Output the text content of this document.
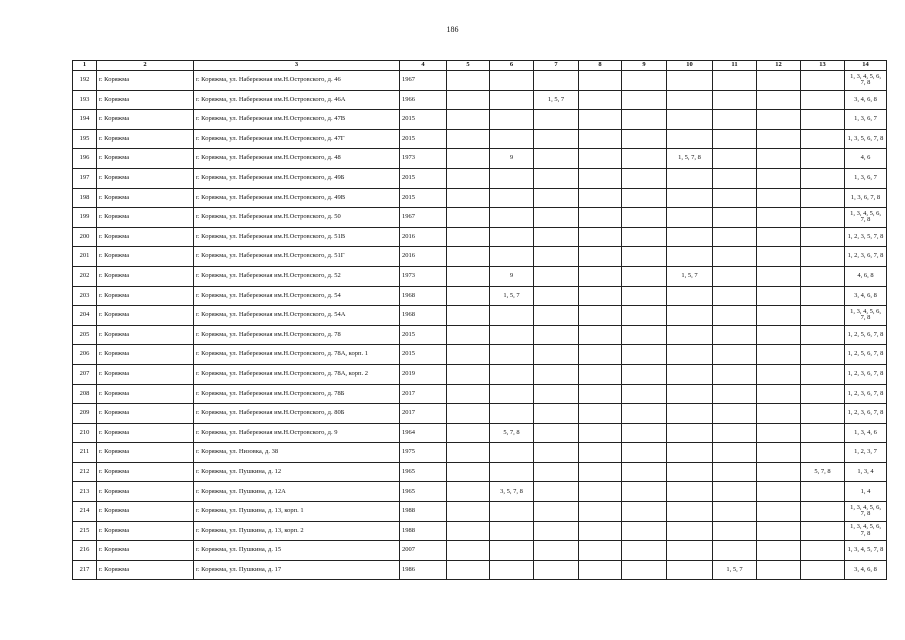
186
1	2	3	4	5	6	7	8	9	10	11	12	13	14
192	г. Коряжма	г. Коряжма, ул. Набережная им.Н.Островского, д. 46	1967										1, 3, 4, 5, 6, 7, 8
193	г. Коряжма	г. Коряжма, ул. Набережная им.Н.Островского, д. 46А	1966			1, 5, 7							3, 4, 6, 8
194	г. Коряжма	г. Коряжма, ул. Набережная им.Н.Островского, д. 47В	2015										1, 3, 6, 7
195	г. Коряжма	г. Коряжма, ул. Набережная им.Н.Островского, д. 47Г	2015										1, 3, 5, 6, 7, 8
196	г. Коряжма	г. Коряжма, ул. Набережная им.Н.Островского, д. 48	1973		9				1, 5, 7, 8				4, 6
197	г. Коряжма	г. Коряжма, ул. Набережная им.Н.Островского, д. 49Б	2015										1, 3, 6, 7
198	г. Коряжма	г. Коряжма, ул. Набережная им.Н.Островского, д. 49В	2015										1, 3, 6, 7, 8
199	г. Коряжма	г. Коряжма, ул. Набережная им.Н.Островского, д. 50	1967										1, 3, 4, 5, 6, 7, 8
200	г. Коряжма	г. Коряжма, ул. Набережная им.Н.Островского, д. 51В	2016										1, 2, 3, 5, 7, 8
201	г. Коряжма	г. Коряжма, ул. Набережная им.Н.Островского, д. 51Г	2016										1, 2, 3, 6, 7, 8
202	г. Коряжма	г. Коряжма, ул. Набережная им.Н.Островского, д. 52	1973		9				1, 5, 7				4, 6, 8
203	г. Коряжма	г. Коряжма, ул. Набережная им.Н.Островского, д. 54	1968		1, 5, 7								3, 4, 6, 8
204	г. Коряжма	г. Коряжма, ул. Набережная им.Н.Островского, д. 54А	1968										1, 3, 4, 5, 6, 7, 8
205	г. Коряжма	г. Коряжма, ул. Набережная им.Н.Островского, д. 78	2015										1, 2, 5, 6, 7, 8
206	г. Коряжма	г. Коряжма, ул. Набережная им.Н.Островского, д. 78А, корп. 1	2015										1, 2, 5, 6, 7, 8
207	г. Коряжма	г. Коряжма, ул. Набережная им.Н.Островского, д. 78А, корп. 2	2019										1, 2, 3, 6, 7, 8
208	г. Коряжма	г. Коряжма, ул. Набережная им.Н.Островского, д. 78Б	2017										1, 2, 3, 6, 7, 8
209	г. Коряжма	г. Коряжма, ул. Набережная им.Н.Островского, д. 80Б	2017										1, 2, 3, 6, 7, 8
210	г. Коряжма	г. Коряжма, ул. Набережная им.Н.Островского, д. 9	1964		5, 7, 8								1, 3, 4, 6
211	г. Коряжма	г. Коряжма, ул. Низовка, д. 38	1975										1, 2, 3, 7
212	г. Коряжма	г. Коряжма, ул. Пушкина, д. 12	1965									5, 7, 8	1, 3, 4
213	г. Коряжма	г. Коряжма, ул. Пушкина, д. 12А	1965		3, 5, 7, 8								1, 4
214	г. Коряжма	г. Коряжма, ул. Пушкина, д. 13, корп. 1	1988										1, 3, 4, 5, 6, 7, 8
215	г. Коряжма	г. Коряжма, ул. Пушкина, д. 13, корп. 2	1988										1, 3, 4, 5, 6, 7, 8
216	г. Коряжма	г. Коряжма, ул. Пушкина, д. 15	2007										1, 3, 4, 5, 7, 8
217	г. Коряжма	г. Коряжма, ул. Пушкина, д. 17	1986							1, 5, 7			3, 4, 6, 8
